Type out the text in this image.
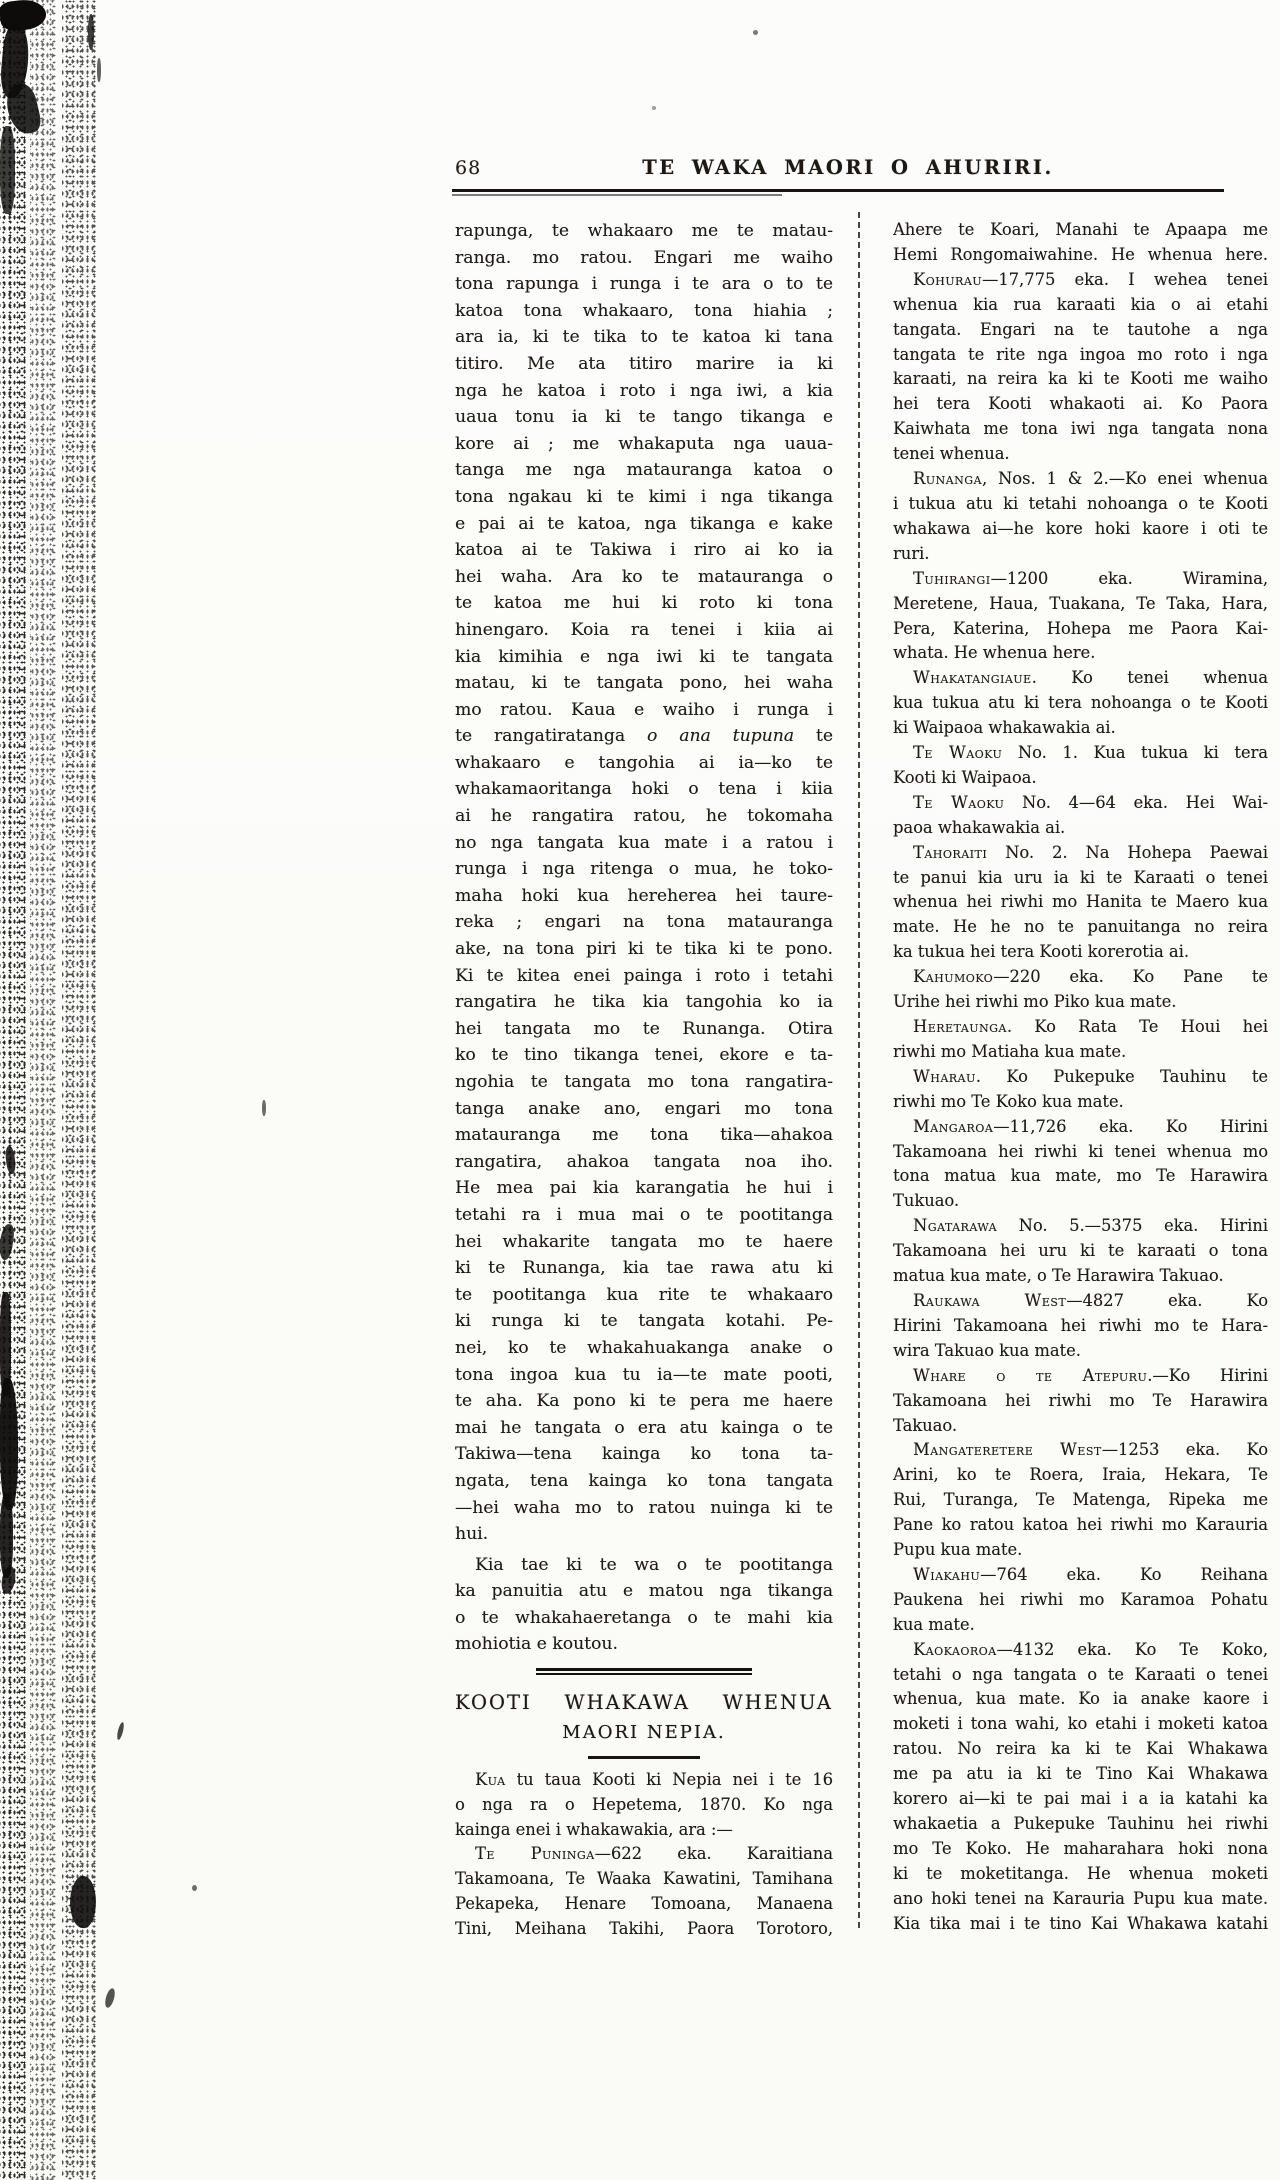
68	TE WAKA MAORI O AHURIRI.
rapunga, te whakaaro me te matau-
ranga. mo ratou. Engari me waiho
tona rapunga i runga i te ara o to te
katoa tona whakaaro, tona hiahia ;
ara ia, ki te tika to te katoa ki tana
titiro. Me ata titiro marire ia ki
nga he katoa i roto i nga iwi, a kia
uaua tonu ia ki te tango tikanga e
kore ai ; me whakaputa nga uaua-
tanga me nga matauranga katoa o
tona ngakau ki te kimi i nga tikanga
e pai ai te katoa, nga tikanga e kake
katoa ai te Takiwa i riro ai ko ia
hei waha. Ara ko te matauranga o
te katoa me hui ki roto ki tona
hinengaro. Koia ra tenei i kiia ai
kia kimihia e nga iwi ki te tangata
matau, ki te tangata pono, hei waha
mo ratou. Kaua e waiho i runga i
te rangatiratanga o ana tupuna te
whakaaro e tangohia ai ia—ko te
whakamaoritanga hoki o tena i kiia
ai he rangatira ratou, he tokomaha
no nga tangata kua mate i a ratou i
runga i nga ritenga o mua, he toko-
maha hoki kua hereherea hei taure-
reka ; engari na tona matauranga
ake, na tona piri ki te tika ki te pono.
Ki te kitea enei painga i roto i tetahi
rangatira he tika kia tangohia ko ia
hei tangata mo te Runanga. Otira
ko te tino tikanga tenei, ekore e ta-
ngohia te tangata mo tona rangatira-
tanga anake ano, engari mo tona
matauranga me tona tika—ahakoa
rangatira, ahakoa tangata noa iho.
He mea pai kia karangatia he hui i
tetahi ra i mua mai o te pootitanga
hei whakarite tangata mo te haere
ki te Runanga, kia tae rawa atu ki
te pootitanga kua rite te whakaaro
ki runga ki te tangata kotahi. Pe-
nei, ko te whakahuakanga anake o
tona ingoa kua tu ia—te mate pooti,
te aha. Ka pono ki te pera me haere
mai he tangata o era atu kainga o te
Takiwa—tena kainga ko tona ta-
ngata, tena kainga ko tona tangata
—hei waha mo to ratou nuinga ki te
hui.
Kia tae ki te wa o te pootitanga
ka panuitia atu e matou nga tikanga
o te whakahaeretanga o te mahi kia
mohiotia e koutou.
KOOTI WHAKAWA WHENUA
MAORI NEPIA.
Kua tu taua Kooti ki Nepia nei i te 16
o nga ra o Hepetema, 1870. Ko nga
kainga enei i whakawakia, ara :—
Te Puninga—622 eka. Karaitiana
Takamoana, Te Waaka Kawatini, Tamihana
Pekapeka, Henare Tomoana, Manaena
Tini, Meihana Takihi, Paora Torotoro,
Ahere te Koari, Manahi te Apaapa me
Hemi Rongomaiwahine. He whenua here.
Kohurau—17,775 eka. I wehea tenei
whenua kia rua karaati kia o ai etahi
tangata. Engari na te tautohe a nga
tangata te rite nga ingoa mo roto i nga
karaati, na reira ka ki te Kooti me waiho
hei tera Kooti whakaoti ai. Ko Paora
Kaiwhata me tona iwi nga tangata nona
tenei whenua.
Runanga, Nos. 1 & 2.—Ko enei whenua
i tukua atu ki tetahi nohoanga o te Kooti
whakawa ai—he kore hoki kaore i oti te
ruri.
Tuhirangi—1200 eka. Wiramina,
Meretene, Haua, Tuakana, Te Taka, Hara,
Pera, Katerina, Hohepa me Paora Kai-
whata. He whenua here.
Whakatangiaue. Ko tenei whenua
kua tukua atu ki tera nohoanga o te Kooti
ki Waipaoa whakawakia ai.
Te Waoku No. 1. Kua tukua ki tera
Kooti ki Waipaoa.
Te Waoku No. 4—64 eka. Hei Wai-
paoa whakawakia ai.
Tahoraiti No. 2. Na Hohepa Paewai
te panui kia uru ia ki te Karaati o tenei
whenua hei riwhi mo Hanita te Maero kua
mate. He he no te panuitanga no reira
ka tukua hei tera Kooti korerotia ai.
Kahumoko—220 eka. Ko Pane te
Urihe hei riwhi mo Piko kua mate.
Heretaunga. Ko Rata Te Houi hei
riwhi mo Matiaha kua mate.
Wharau. Ko Pukepuke Tauhinu te
riwhi mo Te Koko kua mate.
Mangaroa—11,726 eka. Ko Hirini
Takamoana hei riwhi ki tenei whenua mo
tona matua kua mate, mo Te Harawira
Tukuao.
Ngatarawa No. 5.—5375 eka. Hirini
Takamoana hei uru ki te karaati o tona
matua kua mate, o Te Harawira Takuao.
Raukawa West—4827 eka. Ko
Hirini Takamoana hei riwhi mo te Hara-
wira Takuao kua mate.
Whare o te Atepuru.—Ko Hirini
Takamoana hei riwhi mo Te Harawira
Takuao.
Mangateretere West—1253 eka. Ko
Arini, ko te Roera, Iraia, Hekara, Te
Rui, Turanga, Te Matenga, Ripeka me
Pane ko ratou katoa hei riwhi mo Karauria
Pupu kua mate.
Wiakahu—764 eka. Ko Reihana
Paukena hei riwhi mo Karamoa Pohatu
kua mate.
Kaokaoroa—4132 eka. Ko Te Koko,
tetahi o nga tangata o te Karaati o tenei
whenua, kua mate. Ko ia anake kaore i
moketi i tona wahi, ko etahi i moketi katoa
ratou. No reira ka ki te Kai Whakawa
me pa atu ia ki te Tino Kai Whakawa
korero ai—ki te pai mai i a ia katahi ka
whakaetia a Pukepuke Tauhinu hei riwhi
mo Te Koko. He maharahara hoki nona
ki te moketitanga. He whenua moketi
ano hoki tenei na Karauria Pupu kua mate.
Kia tika mai i te tino Kai Whakawa katahi
